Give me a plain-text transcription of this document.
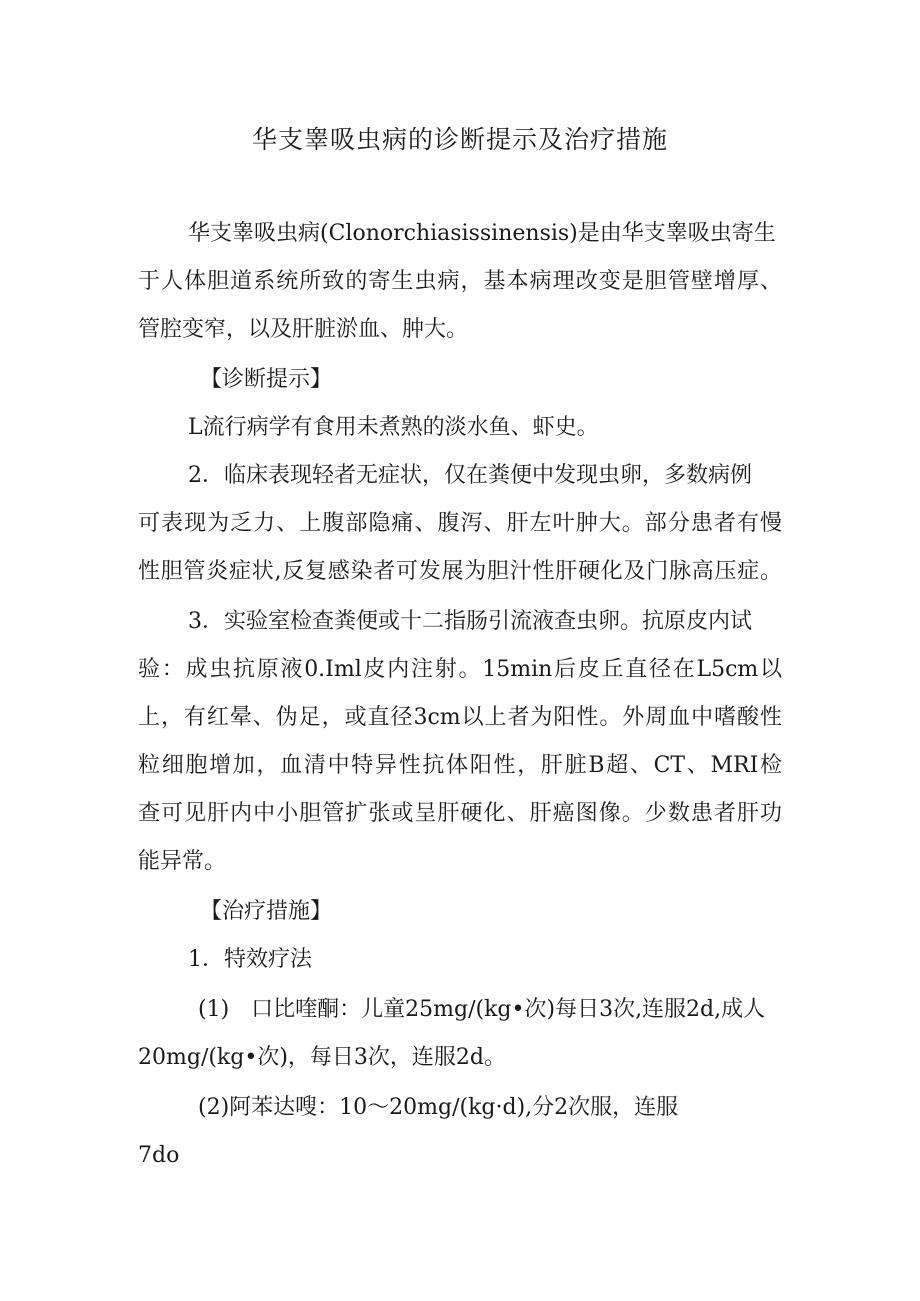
华支睾吸虫病的诊断提示及治疗措施

华支睾吸虫病(Clonorchiasissinensis)是由华支睾吸虫寄生

于人体胆道系统所致的寄生虫病，基本病理改变是胆管壁增厚、

管腔变窄，以及肝脏淤血、肿大。

【诊断提示】

L流行病学有食用未煮熟的淡水鱼、虾史。

2．临床表现轻者无症状，仅在粪便中发现虫卵，多数病例

可表现为乏力、上腹部隐痛、腹泻、肝左叶肿大。部分患者有慢

性胆管炎症状,反复感染者可发展为胆汁性肝硬化及门脉高压症。

3．实验室检查粪便或十二指肠引流液查虫卵。抗原皮内试

验：成虫抗原液0.Iml皮内注射。15min后皮丘直径在L5cm以

上，有红晕、伪足，或直径3cm以上者为阳性。外周血中嗜酸性

粒细胞增加，血清中特异性抗体阳性，肝脏B超、CT、MRI检

查可见肝内中小胆管扩张或呈肝硬化、肝癌图像。少数患者肝功

能异常。

【治疗措施】

1．特效疗法

(1)　口比喹酮：儿童25mg∕(kg•次)每日3次,连服2d,成人

20mg∕(kg•次)，每日3次，连服2d。

(2)阿苯达嗖：10～20mg∕(kg·d),分2次服，连服

7do
